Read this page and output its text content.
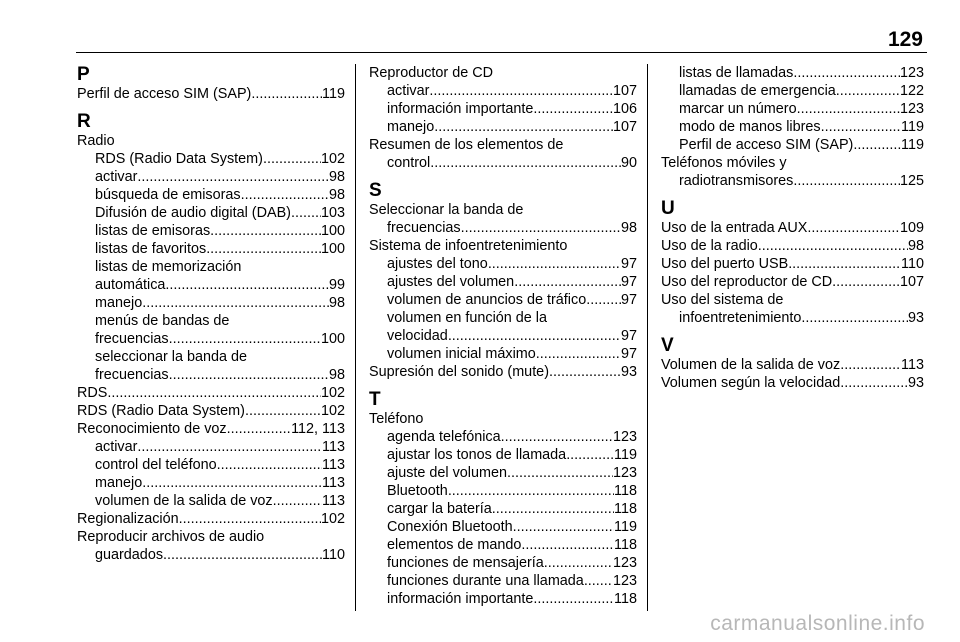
129
P
Perfil de acceso SIM (SAP) .....	119
R
Radio
RDS (Radio Data System) .....	102
activar .....	98
búsqueda de emisoras .....	98
Difusión de audio digital (DAB) ..... 103
listas de emisoras .....	100
listas de favoritos .....	100
listas de memorización
automática .....	99
manejo .....	98
menús de bandas de
frecuencias .....	100
seleccionar la banda de
frecuencias .....	98
RDS .....	102
RDS (Radio Data System) .....	102
Reconocimiento de voz .....	112, 113
activar .....	113
control del teléfono .....	113
manejo .....	113
volumen de la salida de voz .....	113
Regionalización .....	102
Reproducir archivos de audio
guardados .....	110
Reproductor de CD
activar .....	107
información importante .....	106
manejo .....	107
Resumen de los elementos de
control .....	90
S
Seleccionar la banda de
frecuencias .....	98
Sistema de infoentretenimiento
ajustes del tono .....	97
ajustes del volumen .....	97
volumen de anuncios de tráfico ..... 97
volumen en función de la
velocidad .....	97
volumen inicial máximo .....	97
Supresión del sonido (mute) .....	93
T
Teléfono
agenda telefónica .....	123
ajustar los tonos de llamada .....	119
ajuste del volumen .....	123
Bluetooth .....	118
cargar la batería .....	118
Conexión Bluetooth .....	119
elementos de mando .....	118
funciones de mensajería .....	123
funciones durante una llamada ..... 123
información importante .....	118
listas de llamadas .....	123
llamadas de emergencia .....	122
marcar un número .....	123
modo de manos libres .....	119
Perfil de acceso SIM (SAP) .....	119
Teléfonos móviles y
radiotransmisores .....	125
U
Uso de la entrada AUX .....	109
Uso de la radio .....	98
Uso del puerto USB .....	110
Uso del reproductor de CD .....	107
Uso del sistema de
infoentretenimiento .....	93
V
Volumen de la salida de voz .....	113
Volumen según la velocidad .....	93
carmanualsonline.info
